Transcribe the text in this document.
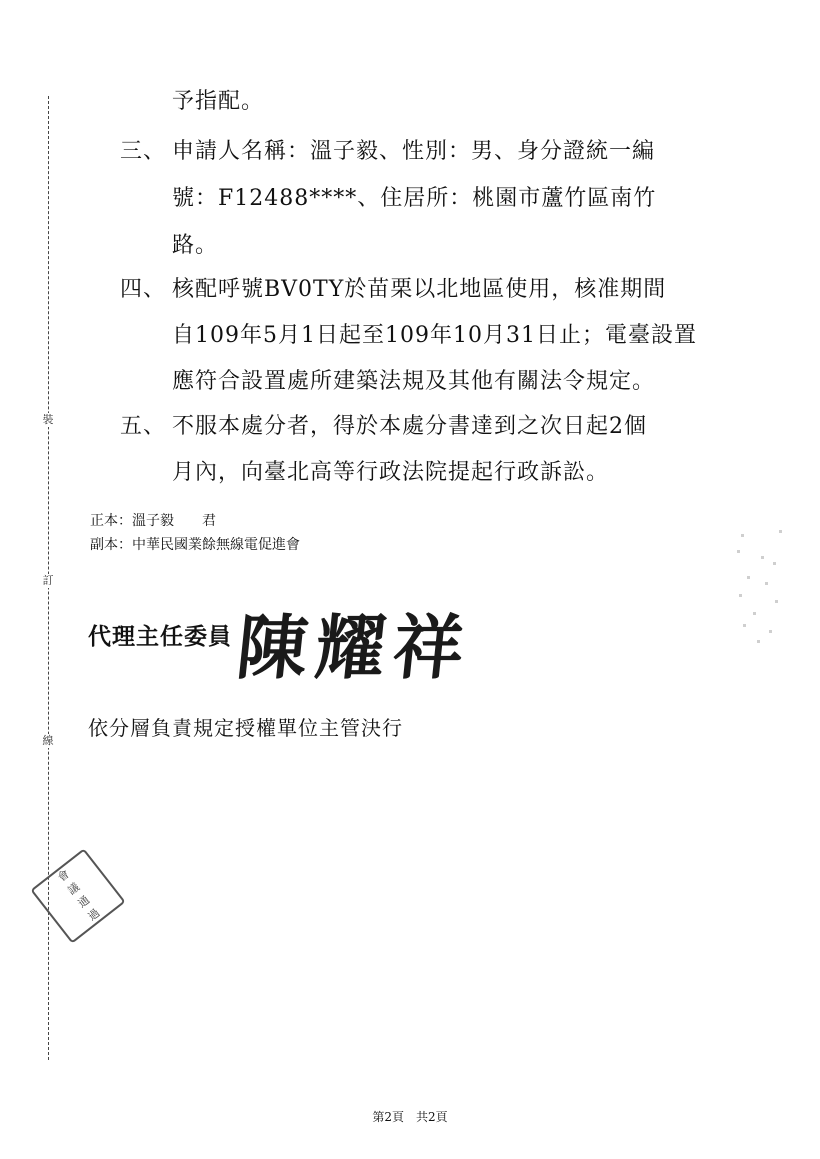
裝
訂
線
予指配。
三、 申請人名稱：溫子毅、性別：男、身分證統一編
號：F12488****、住居所：桃園市蘆竹區南竹
路。
四、 核配呼號BV0TY於苗栗以北地區使用，核准期間
自109年5月1日起至109年10月31日止；電臺設置
應符合設置處所建築法規及其他有關法令規定。
五、 不服本處分者，得於本處分書達到之次日起2個
月內，向臺北高等行政法院提起行政訴訟。
正本：溫子毅　　君
副本：中華民國業餘無線電促進會
代理主任委員 陳耀祥
依分層負責規定授權單位主管決行
會 議 通 過
第2頁 共2頁
